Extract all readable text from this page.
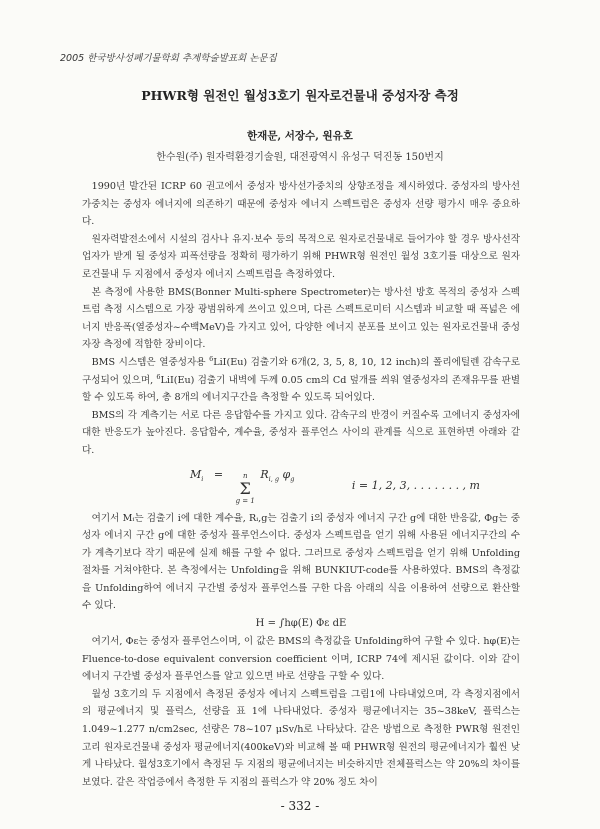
2005 한국방사성폐기물학회 추계학술발표회 논문집
PHWR형 원전인 월성3호기 원자로건물내 중성자장 측정
한재문, 서장수, 원유호
한수원(주) 원자력환경기술원, 대전광역시 유성구 덕진동 150번지

1990년 발간된 ICRP 60 권고에서 중성자 방사선가중치의 상향조정을 제시하였다. 중성자의 방사선가중치는 중성자 에너지에 의존하기 때문에 중성자 에너지 스펙트럼은 중성자 선량 평가시 매우 중요하다.

원자력발전소에서 시설의 검사나 유지·보수 등의 목적으로 원자로건물내로 들어가야 할 경우 방사선작업자가 받게 될 중성자 피폭선량을 정확히 평가하기 위해 PHWR형 원전인 월성 3호기를 대상으로 원자로건물내 두 지점에서 중성자 에너지 스펙트럼을 측정하였다.

본 측정에 사용한 BMS(Bonner Multi-sphere Spectrometer)는 방사선 방호 목적의 중성자 스펙트럼 측정 시스템으로 가장 광범위하게 쓰이고 있으며, 다른 스펙트로미터 시스템과 비교할 때 폭넓은 에너지 반응폭(열중성자~수백MeV)을 가지고 있어, 다양한 에너지 분포를 보이고 있는 원자로건물내 중성자장 측정에 적합한 장비이다.

BMS 시스템은 열중성자용 $^6$LiI(Eu) 검출기와 6개(2, 3, 5, 8, 10, 12 inch)의 폴리에틸렌 감속구로 구성되어 있으며, $^6$LiI(Eu) 검출기 내벽에 두께 0.05 cm의 Cd 덮개를 씌워 열중성자의 존재유무를 판별할 수 있도록 하여, 총 8개의 에너지구간을 측정할 수 있도록 되어있다.

BMS의 각 계측기는 서로 다른 응답함수를 가지고 있다. 감속구의 반경이 커질수록 고에너지 중성자에 대한 반응도가 높아진다. 응답함수, 계수율, 중성자 플루언스 사이의 관계를 식으로 표현하면 아래와 같다.

$M_i$ =	n
Σ
g = 1
$R_{i, g}$ $\varphi_g$
i = 1, 2, 3, . . . . . . . , m

여기서 Mᵢ는 검출기 i에 대한 계수율, Rᵢ,g는 검출기 i의 중성자 에너지 구간 g에 대한 반응값, Φg는 중성자 에너지 구간 g에 대한 중성자 플루언스이다. 중성자 스펙트럼을 얻기 위해 사용된 에너지구간의 수가 계측기보다 작기 때문에 실제 해를 구할 수 없다. 그러므로 중성자 스펙트럼을 얻기 위해 Unfolding 절차를 거쳐야한다. 본 측정에서는 Unfolding을 위해 BUNKIUT-code를 사용하였다. BMS의 측정값을 Unfolding하여 에너지 구간별 중성자 플루언스를 구한 다음 아래의 식을 이용하여 선량으로 환산할 수 있다.

H = ∫hφ(E) Φε dE

여기서, Φε는 중성자 플루언스이며, 이 값은 BMS의 측정값을 Unfolding하여 구할 수 있다. hφ(E)는 Fluence-to-dose equivalent conversion coefficient 이며, ICRP 74에 제시된 값이다. 이와 같이 에너지 구간별 중성자 플루언스를 알고 있으면 바로 선량을 구할 수 있다.

월성 3호기의 두 지점에서 측정된 중성자 에너지 스펙트럼을 그림1에 나타내었으며, 각 측정지점에서의 평균에너지 및 플럭스, 선량을 표 1에 나타내었다. 중성자 평균에너지는 35~38keV, 플럭스는 1.049~1.277 n/cm2sec, 선량은 78~107 μSv/h로 나타났다. 같은 방법으로 측정한 PWR형 원전인 고리 원자로건물내 중성자 평균에너지(400keV)와 비교해 볼 때 PHWR형 원전의 평균에너지가 훨씬 낮게 나타났다. 월성3호기에서 측정된 두 지점의 평균에너지는 비슷하지만 전체플럭스는 약 20%의 차이를 보였다. 같은 작업증에서 측정한 두 지점의 플럭스가 약 20% 정도 차이

- 332 -
